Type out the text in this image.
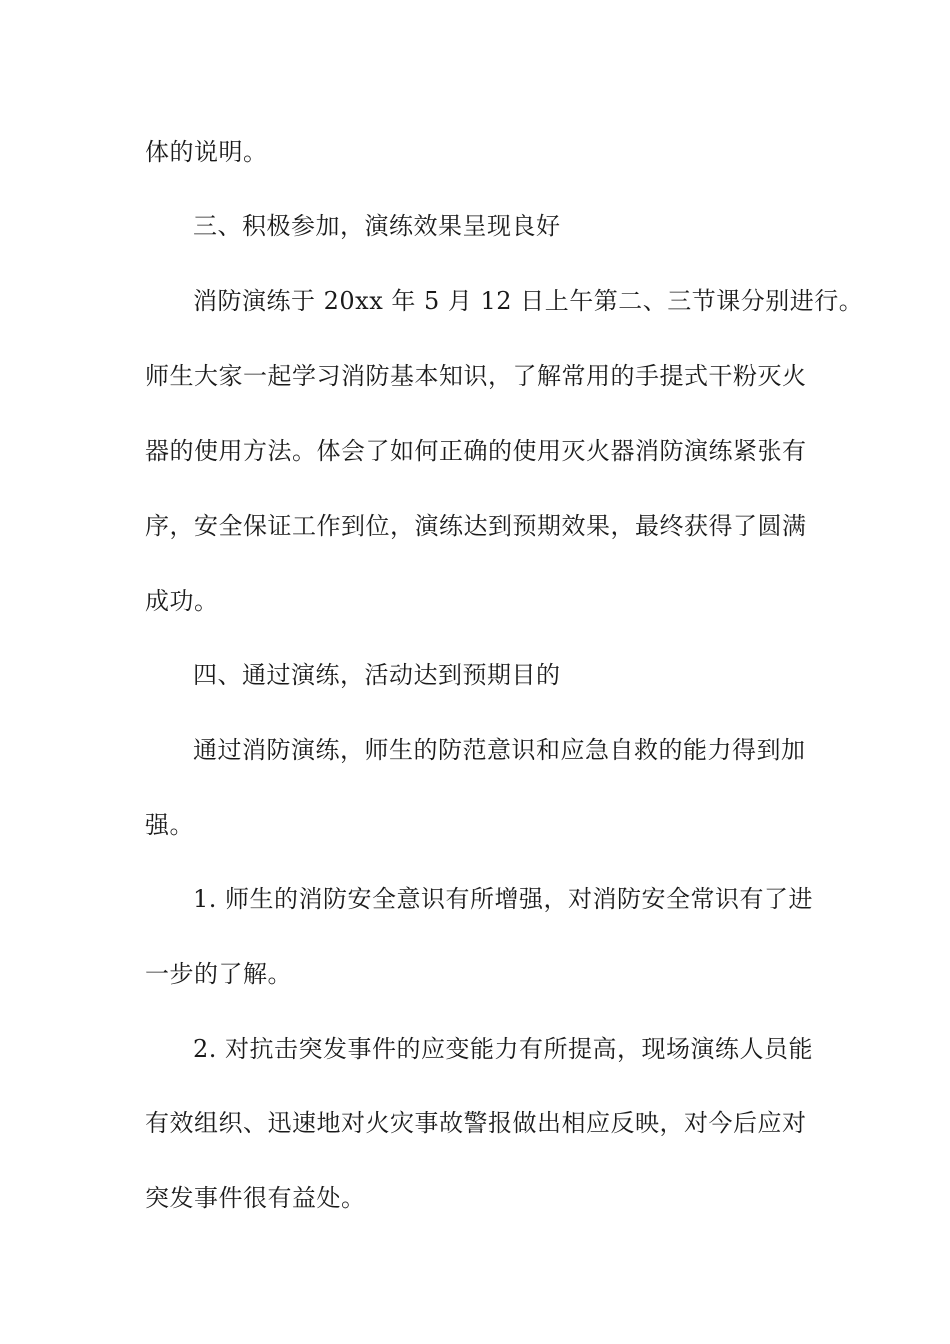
体的说明。
三、积极参加，演练效果呈现良好
消防演练于 20xx 年 5 月 12 日上午第二、三节课分别进行。
师生大家一起学习消防基本知识，了解常用的手提式干粉灭火
器的使用方法。体会了如何正确的使用灭火器消防演练紧张有
序，安全保证工作到位，演练达到预期效果，最终获得了圆满
成功。
四、通过演练，活动达到预期目的
通过消防演练，师生的防范意识和应急自救的能力得到加
强。
1. 师生的消防安全意识有所增强，对消防安全常识有了进
一步的了解。
2. 对抗击突发事件的应变能力有所提高，现场演练人员能
有效组织、迅速地对火灾事故警报做出相应反映，对今后应对
突发事件很有益处。
